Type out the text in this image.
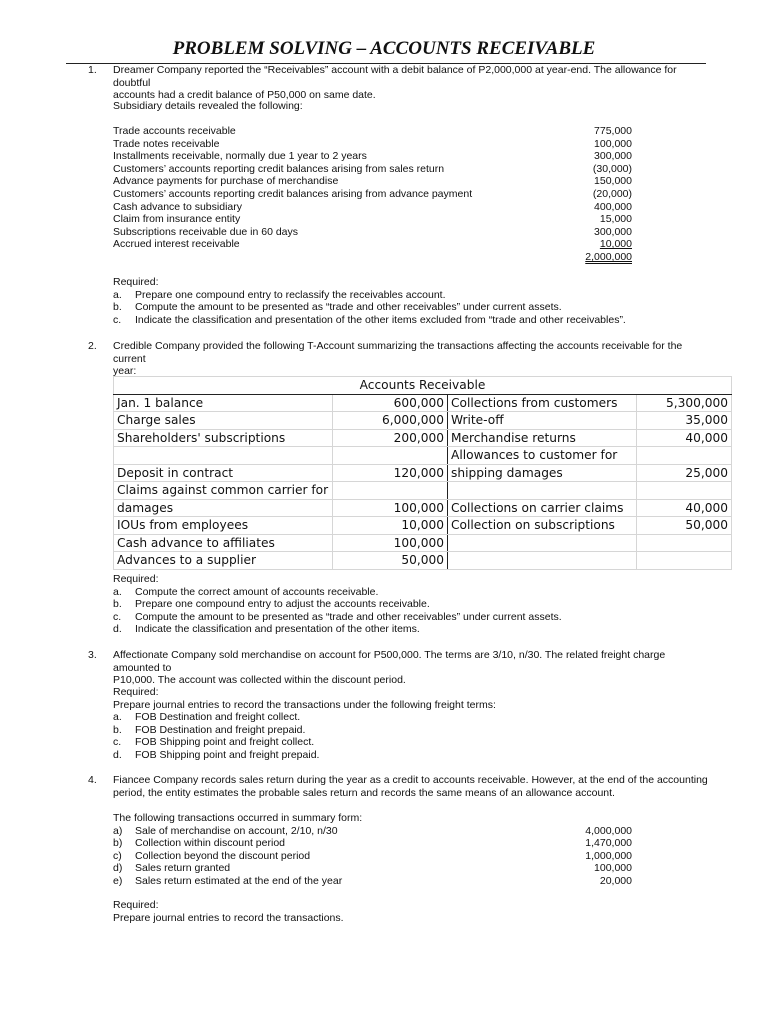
PROBLEM SOLVING – ACCOUNTS RECEIVABLE
1. Dreamer Company reported the “Receivables” account with a debit balance of P2,000,000 at year-end. The allowance for doubtful
accounts had a credit balance of P50,000 on same date.
Subsidiary details revealed the following:
Trade accounts receivable	775,000
Trade notes receivable	100,000
Installments receivable, normally due 1 year to 2 years	300,000
Customers’ accounts reporting credit balances arising from sales return	(30,000)
Advance payments for purchase of merchandise	150,000
Customers’ accounts reporting credit balances arising from advance payment	(20,000)
Cash advance to subsidiary	400,000
Claim from insurance entity	15,000
Subscriptions receivable due in 60 days	300,000
Accrued interest receivable	10,000
2,000,000
Required:
a. Prepare one compound entry to reclassify the receivables account.
b. Compute the amount to be presented as “trade and other receivables” under current assets.
c. Indicate the classification and presentation of the other items excluded from “trade and other receivables”.
2. Credible Company provided the following T-Account summarizing the transactions affecting the accounts receivable for the current
year:
Accounts Receivable			
Jan. 1 balance	600,000	Collections from customers	5,300,000
Charge sales	6,000,000	Write-off	35,000
Shareholders' subscriptions	200,000	Merchandise returns	40,000
		Allowances to customer for	
Deposit in contract	120,000	shipping damages	25,000
Claims against common carrier for			
damages	100,000	Collections on carrier claims	40,000
IOUs from employees	10,000	Collection on subscriptions	50,000
Cash advance to affiliates	100,000		
Advances to a supplier	50,000		
Required:
a. Compute the correct amount of accounts receivable.
b. Prepare one compound entry to adjust the accounts receivable.
c. Compute the amount to be presented as “trade and other receivables” under current assets.
d. Indicate the classification and presentation of the other items.
3. Affectionate Company sold merchandise on account for P500,000. The terms are 3/10, n/30. The related freight charge amounted to
P10,000. The account was collected within the discount period.
Required:
Prepare journal entries to record the transactions under the following freight terms:
a. FOB Destination and freight collect.
b. FOB Destination and freight prepaid.
c. FOB Shipping point and freight collect.
d. FOB Shipping point and freight prepaid.
4. Fiancee Company records sales return during the year as a credit to accounts receivable. However, at the end of the accounting
period, the entity estimates the probable sales return and records the same means of an allowance account.
The following transactions occurred in summary form:
a) Sale of merchandise on account, 2/10, n/30	4,000,000
b) Collection within discount period	1,470,000
c) Collection beyond the discount period	1,000,000
d) Sales return granted	100,000
e) Sales return estimated at the end of the year	20,000
Required:
Prepare journal entries to record the transactions.
